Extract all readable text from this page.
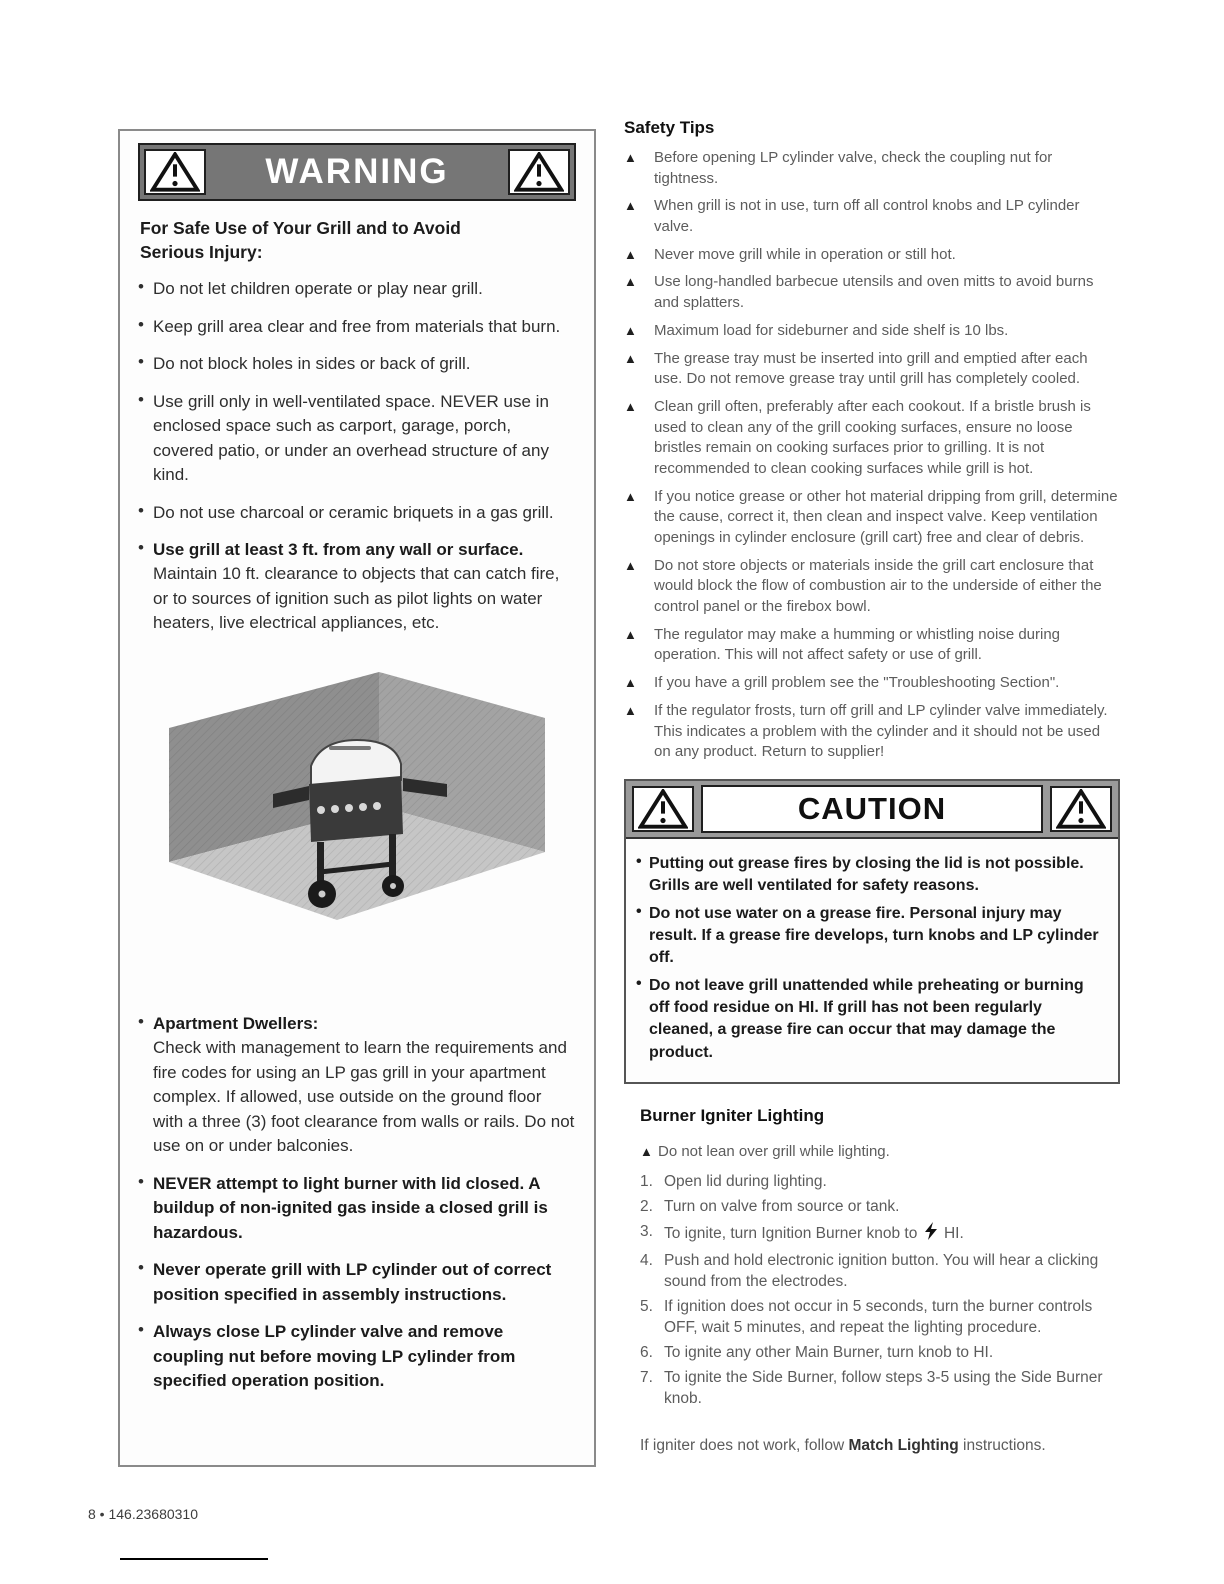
WARNING
For Safe Use of Your Grill and to Avoid Serious Injury:
• Do not let children operate or play near grill.
• Keep grill area clear and free from materials that burn.
• Do not block holes in sides or back of grill.
• Use grill only in well-ventilated space. NEVER use in enclosed space such as carport, garage, porch, covered patio, or under an overhead structure of any kind.
• Do not use charcoal or ceramic briquets in a gas grill.
• Use grill at least 3 ft. from any wall or surface. Maintain 10 ft. clearance to objects that can catch fire, or to sources of ignition such as pilot lights on water heaters, live electrical appliances, etc.
• Apartment Dwellers:
Check with management to learn the requirements and fire codes for using an LP gas grill in your apartment complex. If allowed, use outside on the ground floor with a three (3) foot clearance from walls or rails. Do not use on or under balconies.
• NEVER attempt to light burner with lid closed. A buildup of non-ignited gas inside a closed grill is hazardous.
• Never operate grill with LP cylinder out of correct position specified in assembly instructions.
• Always close LP cylinder valve and remove coupling nut before moving LP cylinder from specified operation position.
Safety Tips
▲	Before opening LP cylinder valve, check the coupling nut for tightness.
▲	When grill is not in use, turn off all control knobs and LP cylinder valve.
▲	Never move grill while in operation or still hot.
▲	Use long-handled barbecue utensils and oven mitts to avoid burns and splatters.
▲	Maximum load for sideburner and side shelf is 10 lbs.
▲	The grease tray must be inserted into grill and emptied after each use. Do not remove grease tray until grill has completely cooled.
▲	Clean grill often, preferably after each cookout. If a bristle brush is used to clean any of the grill cooking surfaces, ensure no loose bristles remain on cooking surfaces prior to grilling. It is not recommended to clean cooking surfaces while grill is hot.
▲	If you notice grease or other hot material dripping from grill, determine the cause, correct it, then clean and inspect valve. Keep ventilation openings in cylinder enclosure (grill cart) free and clear of debris.
▲	Do not store objects or materials inside the grill cart enclosure that would block the flow of combustion air to the underside of either the control panel or the firebox bowl.
▲	The regulator may make a humming or whistling noise during operation. This will not affect safety or use of grill.
▲	If you have a grill problem see the "Troubleshooting Section".
▲	If the regulator frosts, turn off grill and LP cylinder valve immediately. This indicates a problem with the cylinder and it should not be used on any product. Return to supplier!
CAUTION
• Putting out grease fires by closing the lid is not possible. Grills are well ventilated for safety reasons.
• Do not use water on a grease fire. Personal injury may result. If a grease fire develops, turn knobs and LP cylinder off.
• Do not leave grill unattended while preheating or burning off food residue on HI. If grill has not been regularly cleaned, a grease fire can occur that may damage the product.
Burner Igniter Lighting
▲ Do not lean over grill while lighting.
1. Open lid during lighting.
2. Turn on valve from source or tank.
3. To ignite, turn Ignition Burner knob to HI.
4. Push and hold electronic ignition button. You will hear a clicking sound from the electrodes.
5. If ignition does not occur in 5 seconds, turn the burner controls OFF, wait 5 minutes, and repeat the lighting procedure.
6. To ignite any other Main Burner, turn knob to HI.
7. To ignite the Side Burner, follow steps 3-5 using the Side Burner knob.
If igniter does not work, follow Match Lighting instructions.
8 • 146.23680310
